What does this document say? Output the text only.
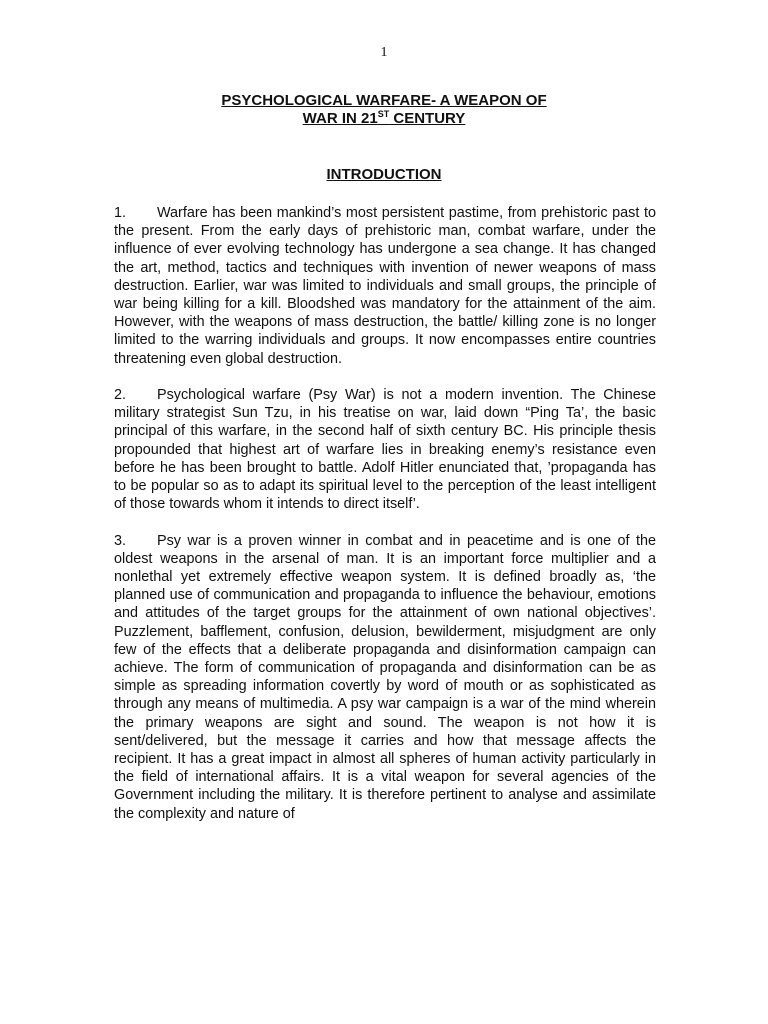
1
PSYCHOLOGICAL WARFARE- A WEAPON OF
WAR IN 21ST CENTURY
INTRODUCTION

1. Warfare has been mankind’s most persistent pastime, from prehistoric past to the present. From the early days of prehistoric man, combat warfare, under the influence of ever evolving technology has undergone a sea change. It has changed the art, method, tactics and techniques with invention of newer weapons of mass destruction. Earlier, war was limited to individuals and small groups, the principle of war being killing for a kill. Bloodshed was mandatory for the attainment of the aim. However, with the weapons of mass destruction, the battle/ killing zone is no longer limited to the warring individuals and groups. It now encompasses entire countries threatening even global destruction.

2. Psychological warfare (Psy War) is not a modern invention. The Chinese military strategist Sun Tzu, in his treatise on war, laid down “Ping Ta’, the basic principal of this warfare, in the second half of sixth century BC. His principle thesis propounded that highest art of warfare lies in breaking enemy’s resistance even before he has been brought to battle. Adolf Hitler enunciated that, ’propaganda has to be popular so as to adapt its spiritual level to the perception of the least intelligent of those towards whom it intends to direct itself’.

3. Psy war is a proven winner in combat and in peacetime and is one of the oldest weapons in the arsenal of man. It is an important force multiplier and a nonlethal yet extremely effective weapon system. It is defined broadly as, ‘the planned use of communication and propaganda to influence the behaviour, emotions and attitudes of the target groups for the attainment of own national objectives’. Puzzlement, bafflement, confusion, delusion, bewilderment, misjudgment are only few of the effects that a deliberate propaganda and disinformation campaign can achieve. The form of communication of propaganda and disinformation can be as simple as spreading information covertly by word of mouth or as sophisticated as through any means of multimedia. A psy war campaign is a war of the mind wherein the primary weapons are sight and sound. The weapon is not how it is sent/delivered, but the message it carries and how that message affects the recipient. It has a great impact in almost all spheres of human activity particularly in the field of international affairs. It is a vital weapon for several agencies of the Government including the military. It is therefore pertinent to analyse and assimilate the complexity and nature of
